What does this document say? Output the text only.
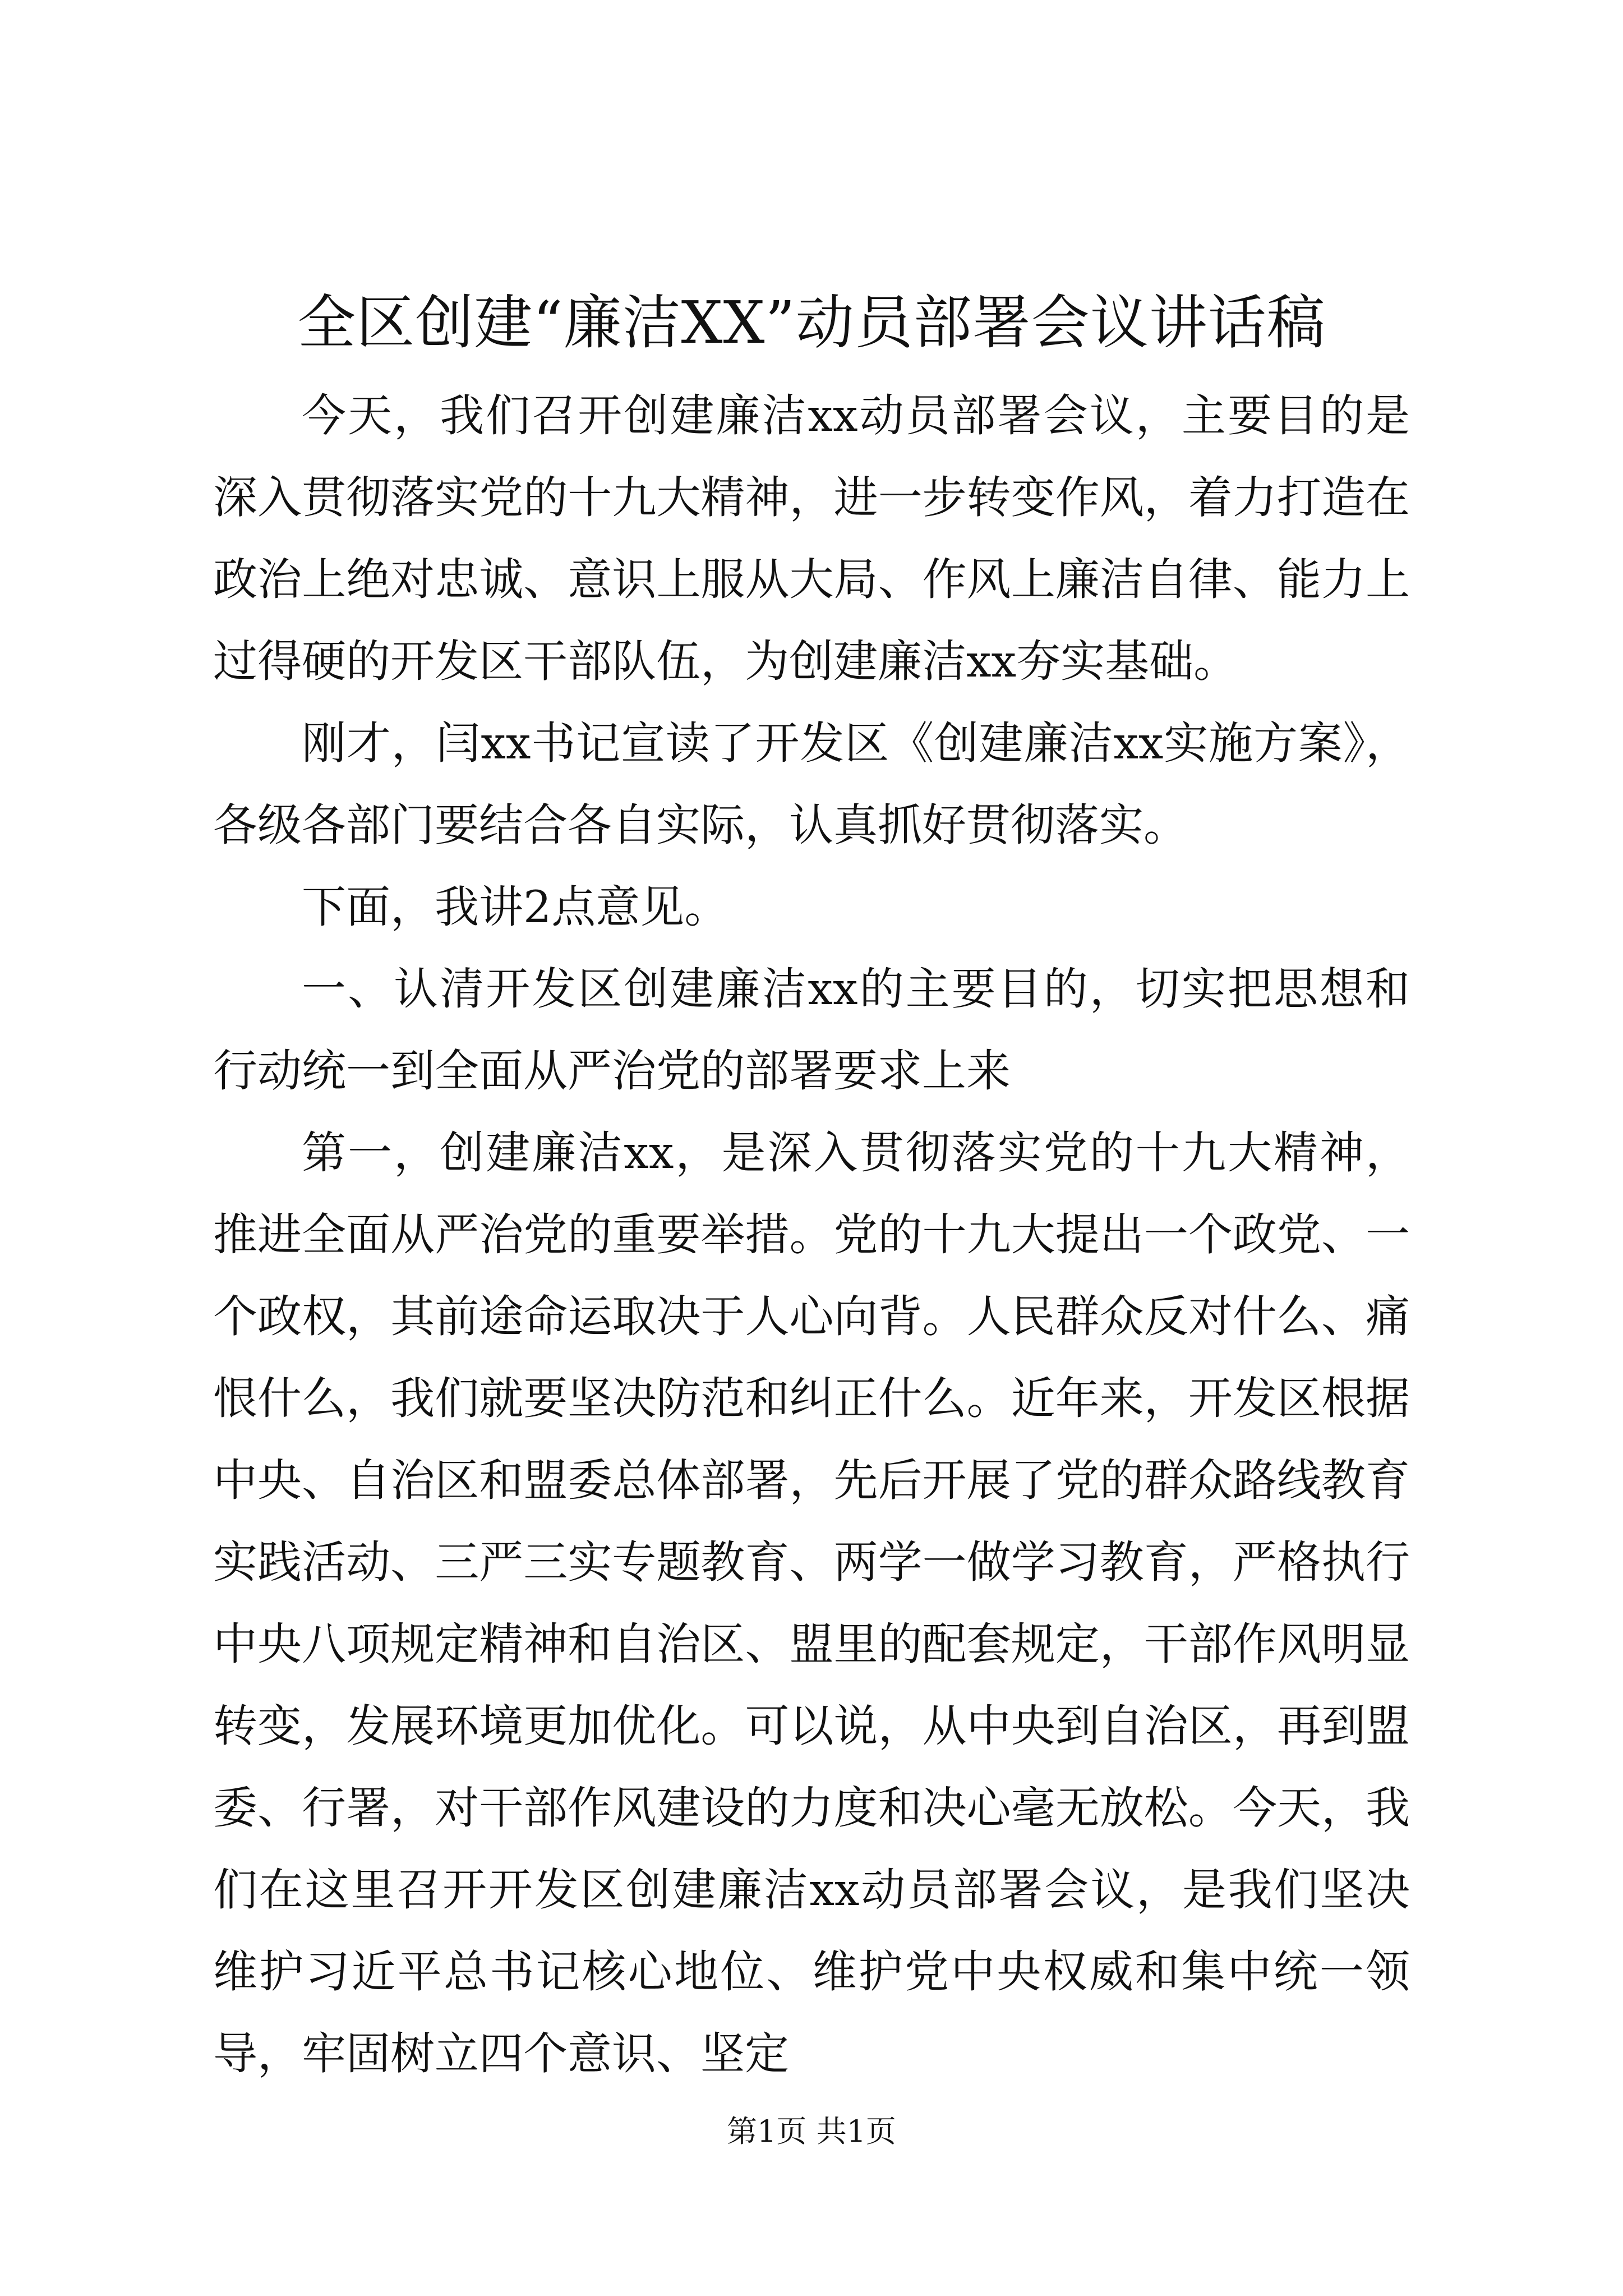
全区创建“廉洁XX”动员部署会议讲话稿

今天，我们召开创建廉洁xx动员部署会议，主要目的是深入贯彻落实党的十九大精神，进一步转变作风，着力打造在政治上绝对忠诚、意识上服从大局、作风上廉洁自律、能力上过得硬的开发区干部队伍，为创建廉洁xx夯实基础。

刚才，闫xx书记宣读了开发区《创建廉洁xx实施方案》，各级各部门要结合各自实际，认真抓好贯彻落实。

下面，我讲2点意见。

一、认清开发区创建廉洁xx的主要目的，切实把思想和行动统一到全面从严治党的部署要求上来

第一，创建廉洁xx，是深入贯彻落实党的十九大精神，推进全面从严治党的重要举措。党的十九大提出一个政党、一个政权，其前途命运取决于人心向背。人民群众反对什么、痛恨什么，我们就要坚决防范和纠正什么。近年来，开发区根据中央、自治区和盟委总体部署，先后开展了党的群众路线教育实践活动、三严三实专题教育、两学一做学习教育，严格执行中央八项规定精神和自治区、盟里的配套规定，干部作风明显转变，发展环境更加优化。可以说，从中央到自治区，再到盟委、行署，对干部作风建设的力度和决心毫无放松。今天，我们在这里召开开发区创建廉洁xx动员部署会议，是我们坚决维护习近平总书记核心地位、维护党中央权威和集中统一领导，牢固树立四个意识、坚定

第1页 共1页
